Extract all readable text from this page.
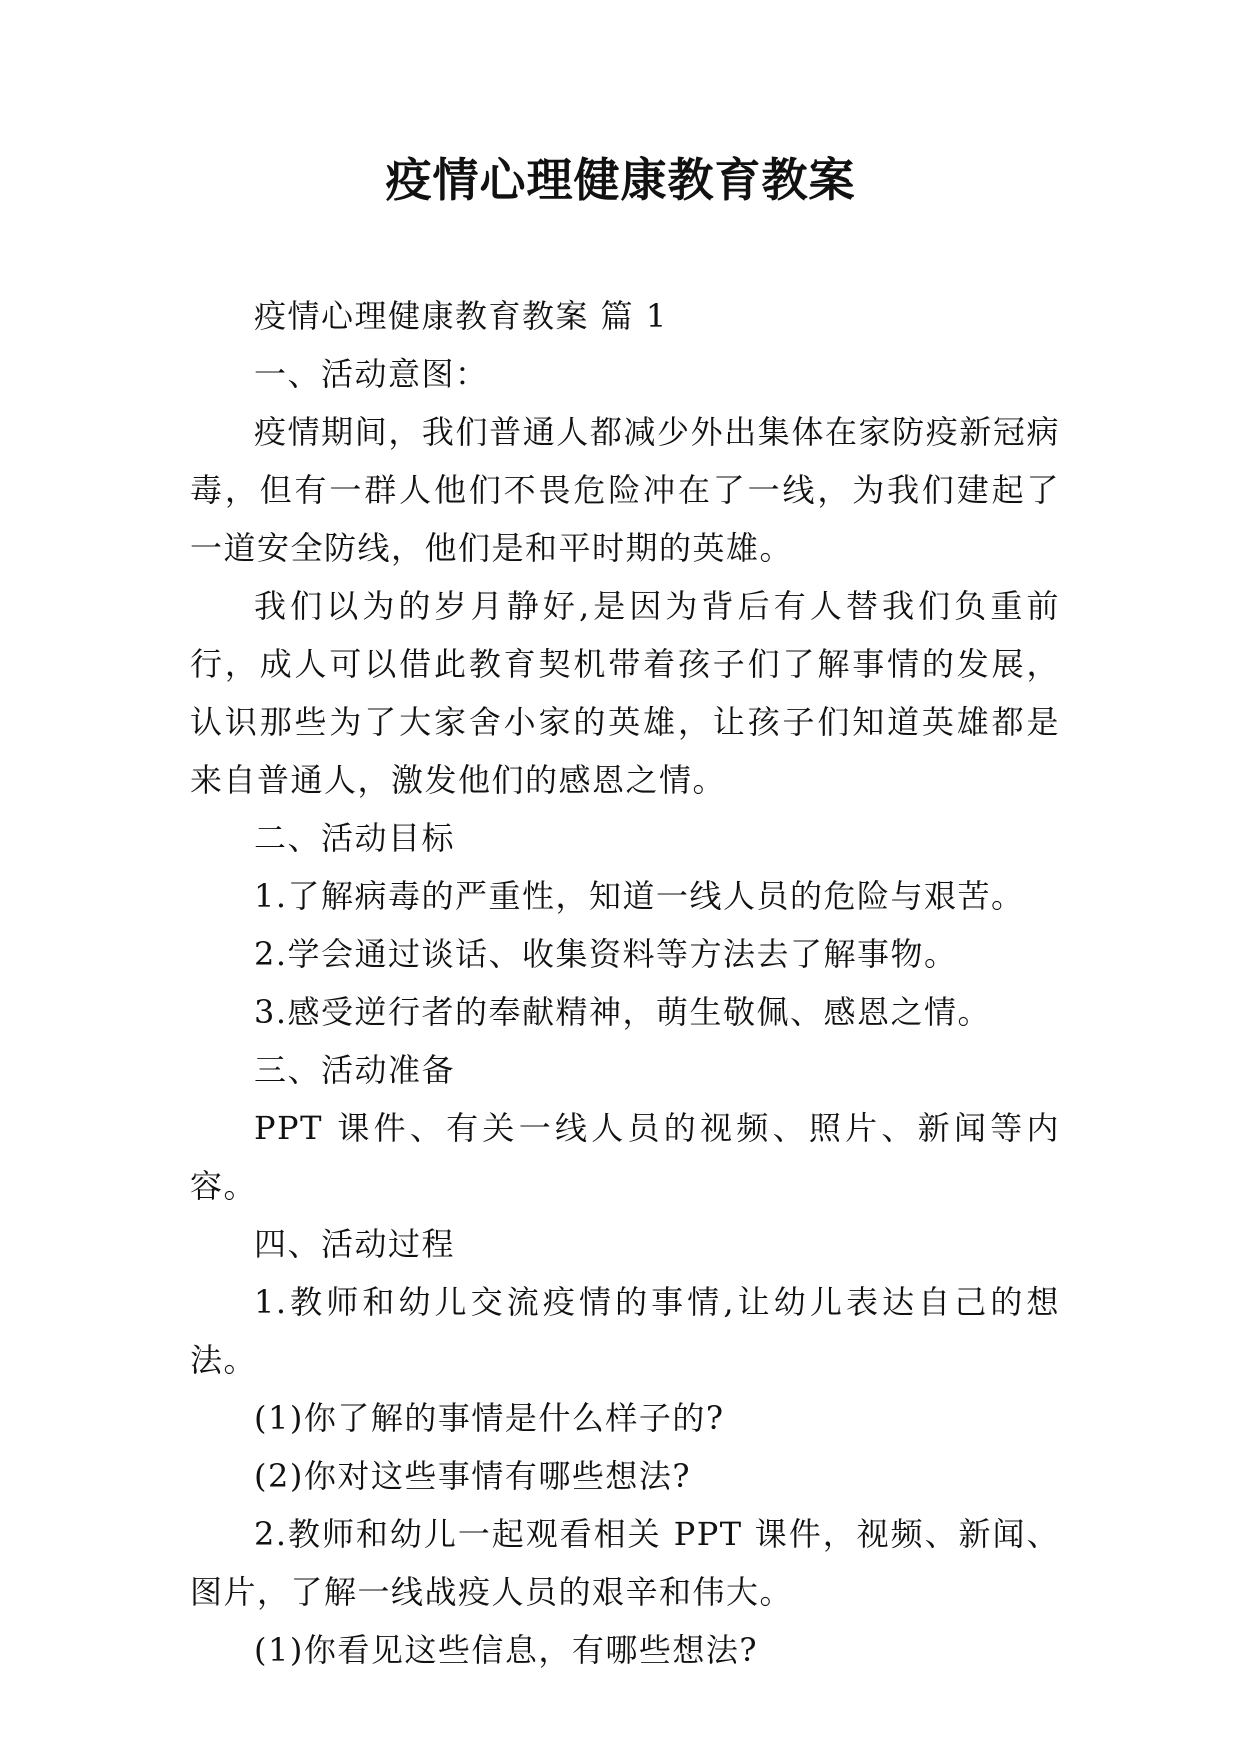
疫情心理健康教育教案

疫情心理健康教育教案 篇 1

一、活动意图：

疫情期间，我们普通人都减少外出集体在家防疫新冠病毒，但有一群人他们不畏危险冲在了一线，为我们建起了一道安全防线，他们是和平时期的英雄。

我们以为的岁月静好,是因为背后有人替我们负重前行，成人可以借此教育契机带着孩子们了解事情的发展，认识那些为了大家舍小家的英雄，让孩子们知道英雄都是来自普通人，激发他们的感恩之情。

二、活动目标

1.了解病毒的严重性，知道一线人员的危险与艰苦。

2.学会通过谈话、收集资料等方法去了解事物。

3.感受逆行者的奉献精神，萌生敬佩、感恩之情。

三、活动准备

PPT 课件、有关一线人员的视频、照片、新闻等内容。

四、活动过程

1.教师和幼儿交流疫情的事情,让幼儿表达自己的想法。

(1)你了解的事情是什么样子的?

(2)你对这些事情有哪些想法?

2.教师和幼儿一起观看相关 PPT 课件，视频、新闻、图片，了解一线战疫人员的艰辛和伟大。

(1)你看见这些信息，有哪些想法?
